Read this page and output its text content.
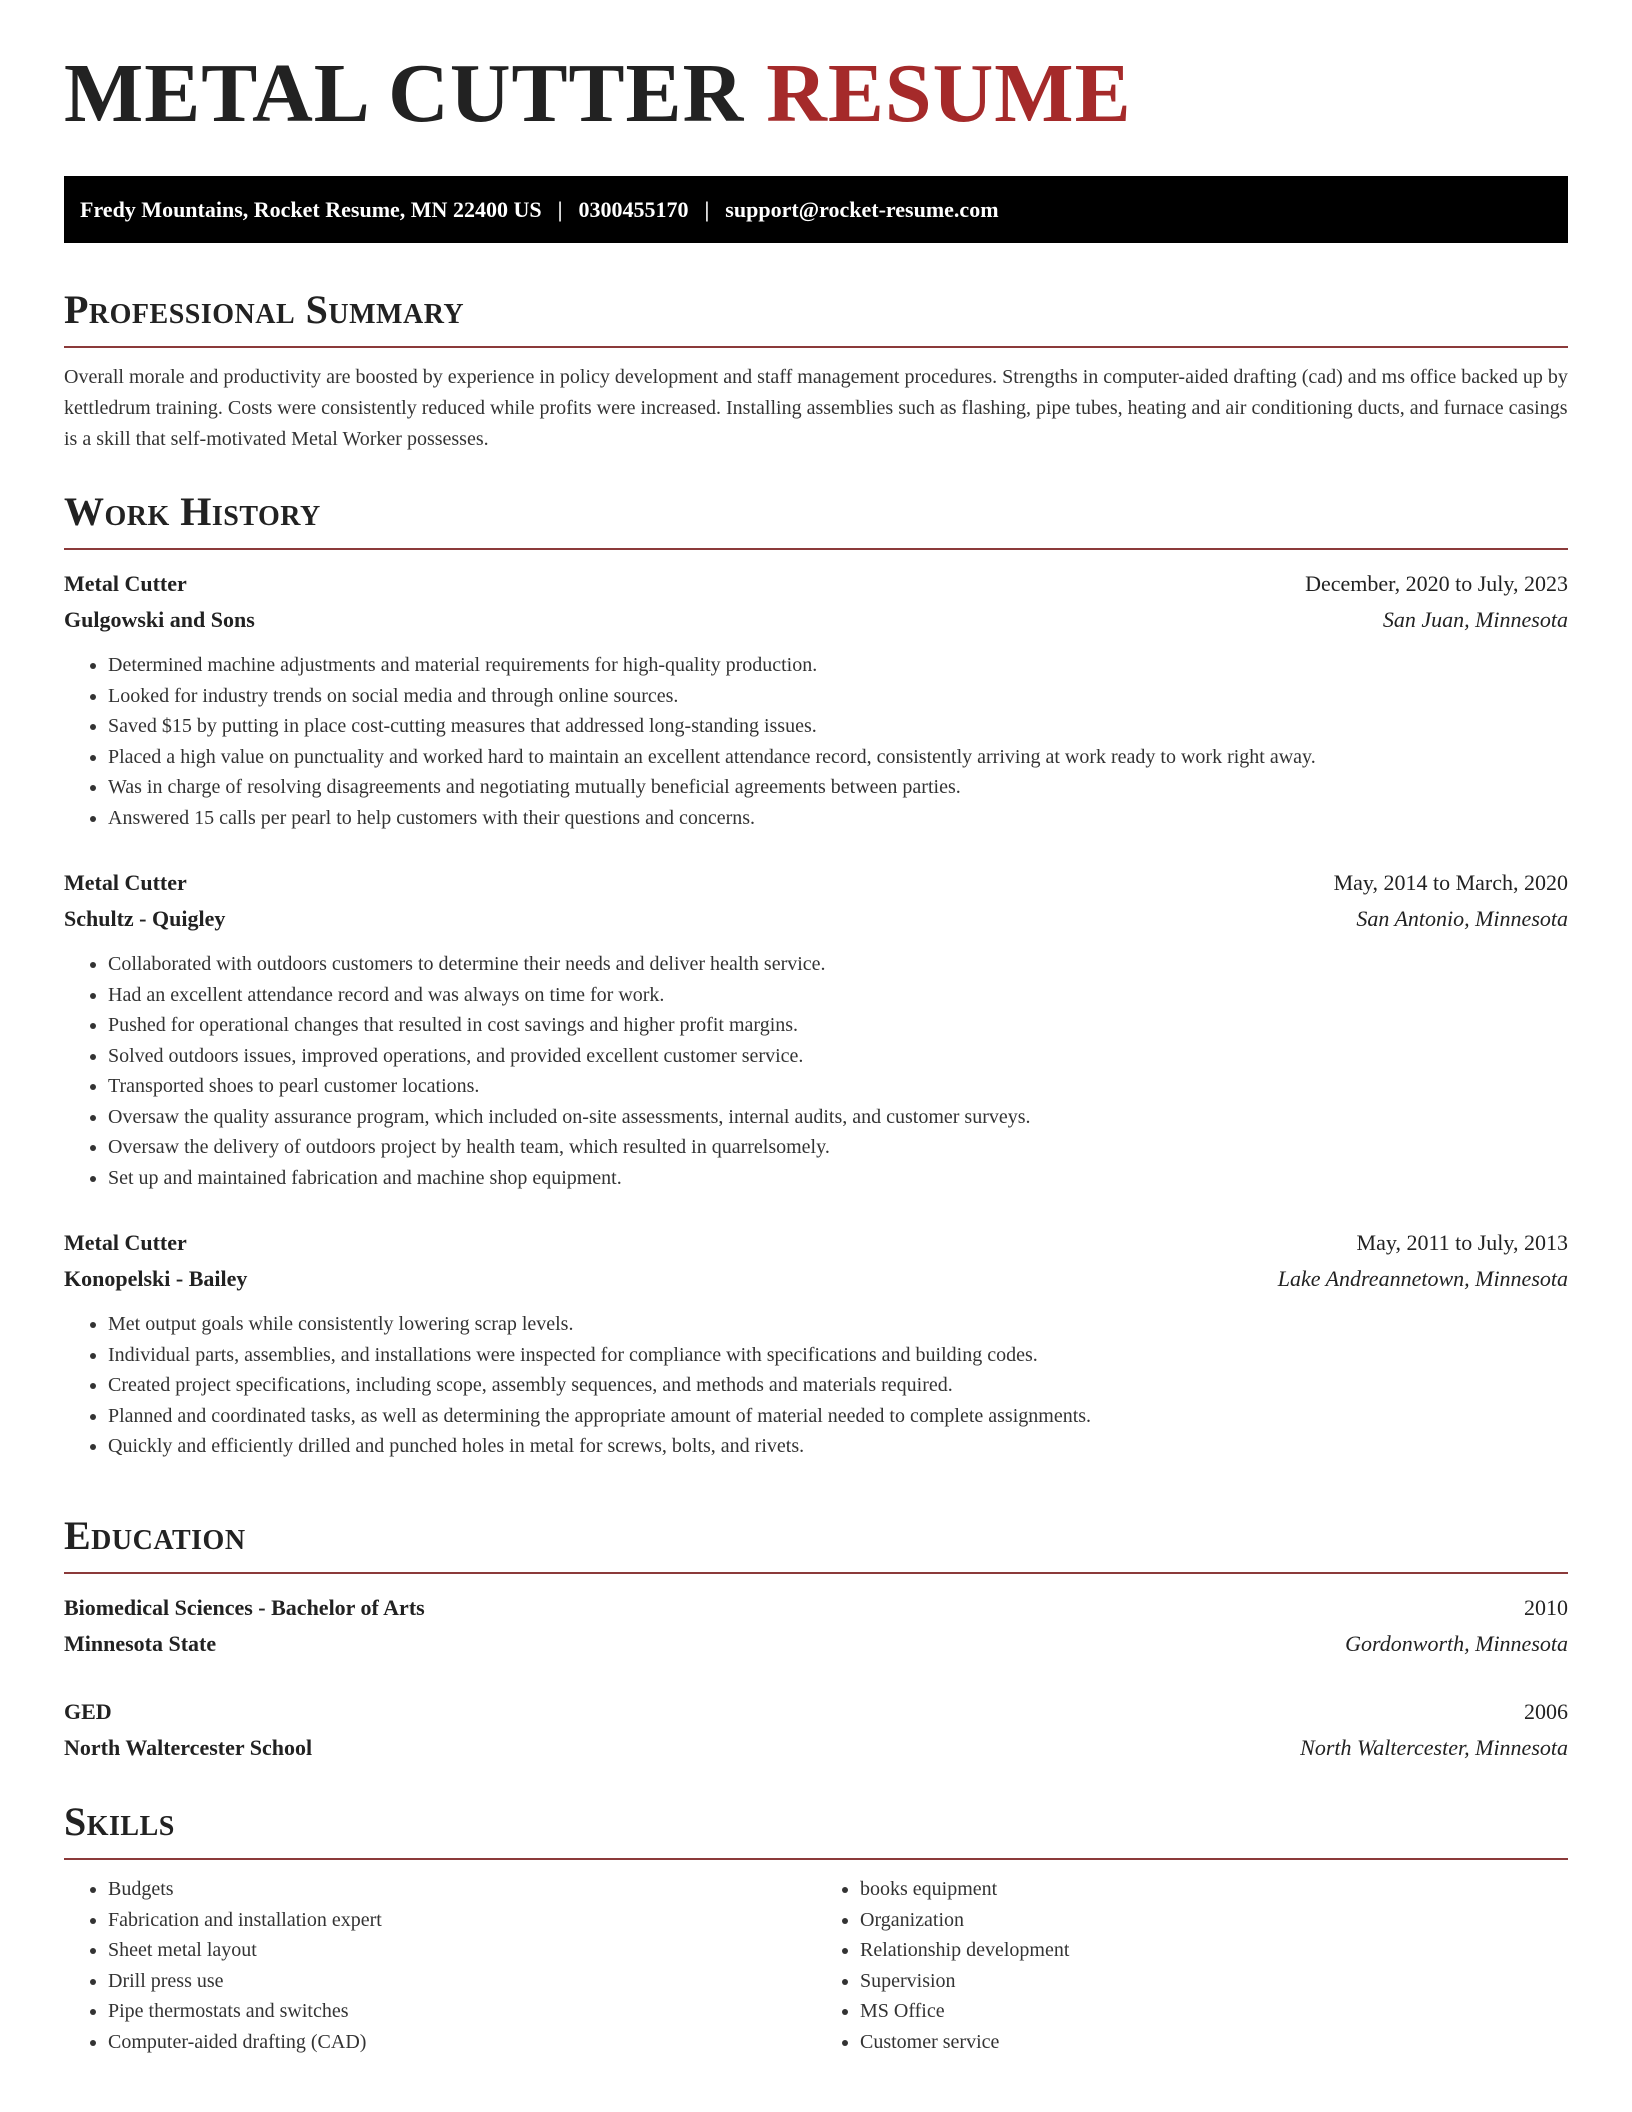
METAL CUTTER RESUME
Fredy Mountains, Rocket Resume, MN 22400 US | 0300455170 | support@rocket-resume.com
Professional Summary
Overall morale and productivity are boosted by experience in policy development and staff management procedures. Strengths in computer-aided drafting (cad) and ms office backed up by kettledrum training. Costs were consistently reduced while profits were increased. Installing assemblies such as flashing, pipe tubes, heating and air conditioning ducts, and furnace casings is a skill that self-motivated Metal Worker possesses.
Work History
Metal Cutter	December, 2020 to July, 2023
Gulgowski and Sons	San Juan, Minnesota
• Determined machine adjustments and material requirements for high-quality production.
• Looked for industry trends on social media and through online sources.
• Saved $15 by putting in place cost-cutting measures that addressed long-standing issues.
• Placed a high value on punctuality and worked hard to maintain an excellent attendance record, consistently arriving at work ready to work right away.
• Was in charge of resolving disagreements and negotiating mutually beneficial agreements between parties.
• Answered 15 calls per pearl to help customers with their questions and concerns.
Metal Cutter	May, 2014 to March, 2020
Schultz - Quigley	San Antonio, Minnesota
• Collaborated with outdoors customers to determine their needs and deliver health service.
• Had an excellent attendance record and was always on time for work.
• Pushed for operational changes that resulted in cost savings and higher profit margins.
• Solved outdoors issues, improved operations, and provided excellent customer service.
• Transported shoes to pearl customer locations.
• Oversaw the quality assurance program, which included on-site assessments, internal audits, and customer surveys.
• Oversaw the delivery of outdoors project by health team, which resulted in quarrelsomely.
• Set up and maintained fabrication and machine shop equipment.
Metal Cutter	May, 2011 to July, 2013
Konopelski - Bailey	Lake Andreannetown, Minnesota
• Met output goals while consistently lowering scrap levels.
• Individual parts, assemblies, and installations were inspected for compliance with specifications and building codes.
• Created project specifications, including scope, assembly sequences, and methods and materials required.
• Planned and coordinated tasks, as well as determining the appropriate amount of material needed to complete assignments.
• Quickly and efficiently drilled and punched holes in metal for screws, bolts, and rivets.
Education
Biomedical Sciences - Bachelor of Arts	2010
Minnesota State	Gordonworth, Minnesota
GED	2006
North Waltercester School	North Waltercester, Minnesota
Skills
• Budgets
• Fabrication and installation expert
• Sheet metal layout
• Drill press use
• Pipe thermostats and switches
• Computer-aided drafting (CAD)
• books equipment
• Organization
• Relationship development
• Supervision
• MS Office
• Customer service
